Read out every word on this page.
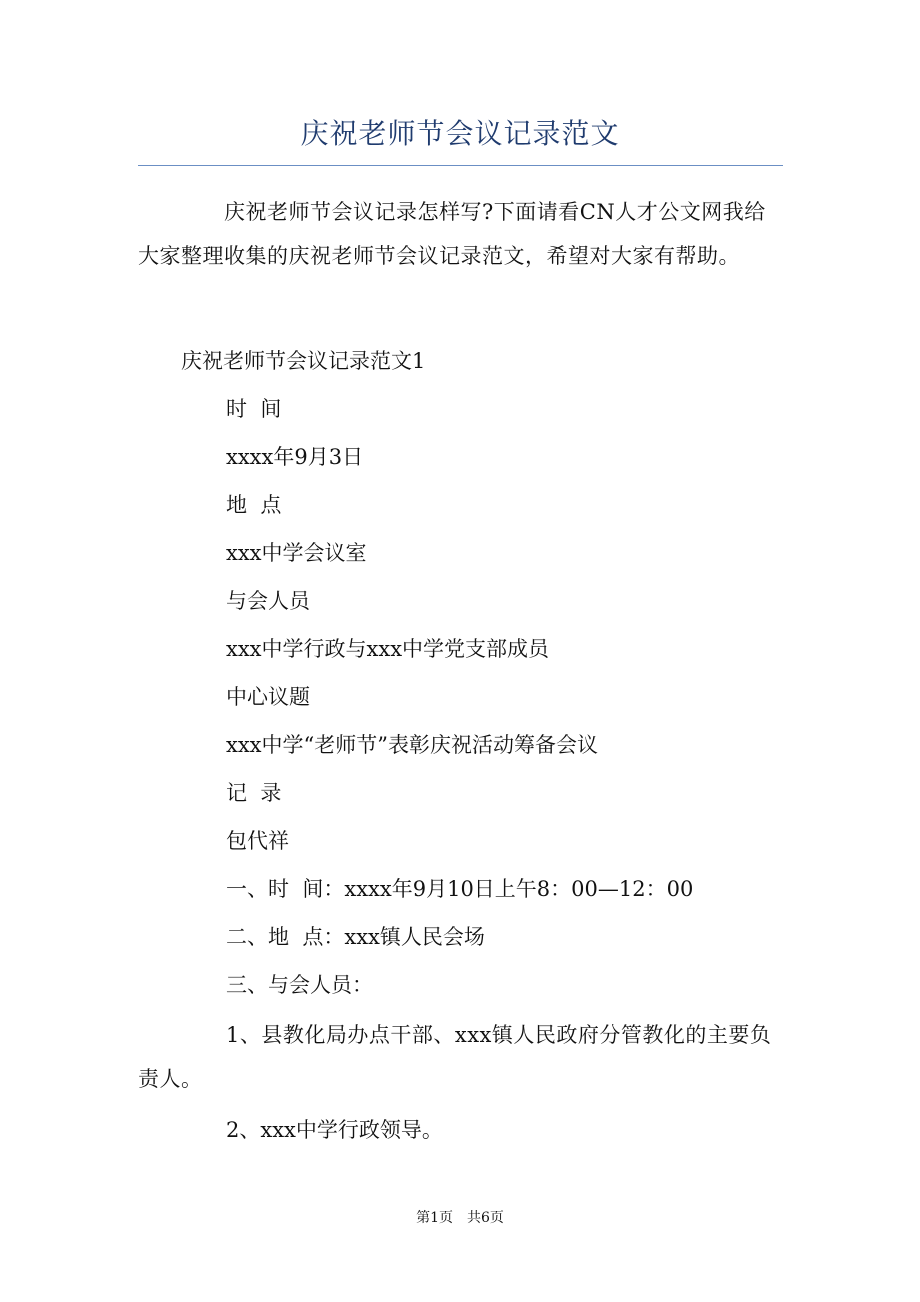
庆祝老师节会议记录范文

庆祝老师节会议记录怎样写?下面请看CN人才公文网我给大家整理收集的庆祝老师节会议记录范文，希望对大家有帮助。

庆祝老师节会议记录范文1

时  间

xxxx年9月3日

地  点

xxx中学会议室

与会人员

xxx中学行政与xxx中学党支部成员

中心议题

xxx中学“老师节”表彰庆祝活动筹备会议

记  录

包代祥

一、时  间：xxxx年9月10日上午8：00—12：00

二、地  点：xxx镇人民会场

三、与会人员：

1、县教化局办点干部、xxx镇人民政府分管教化的主要负责人。

2、xxx中学行政领导。

第1页 共6页
